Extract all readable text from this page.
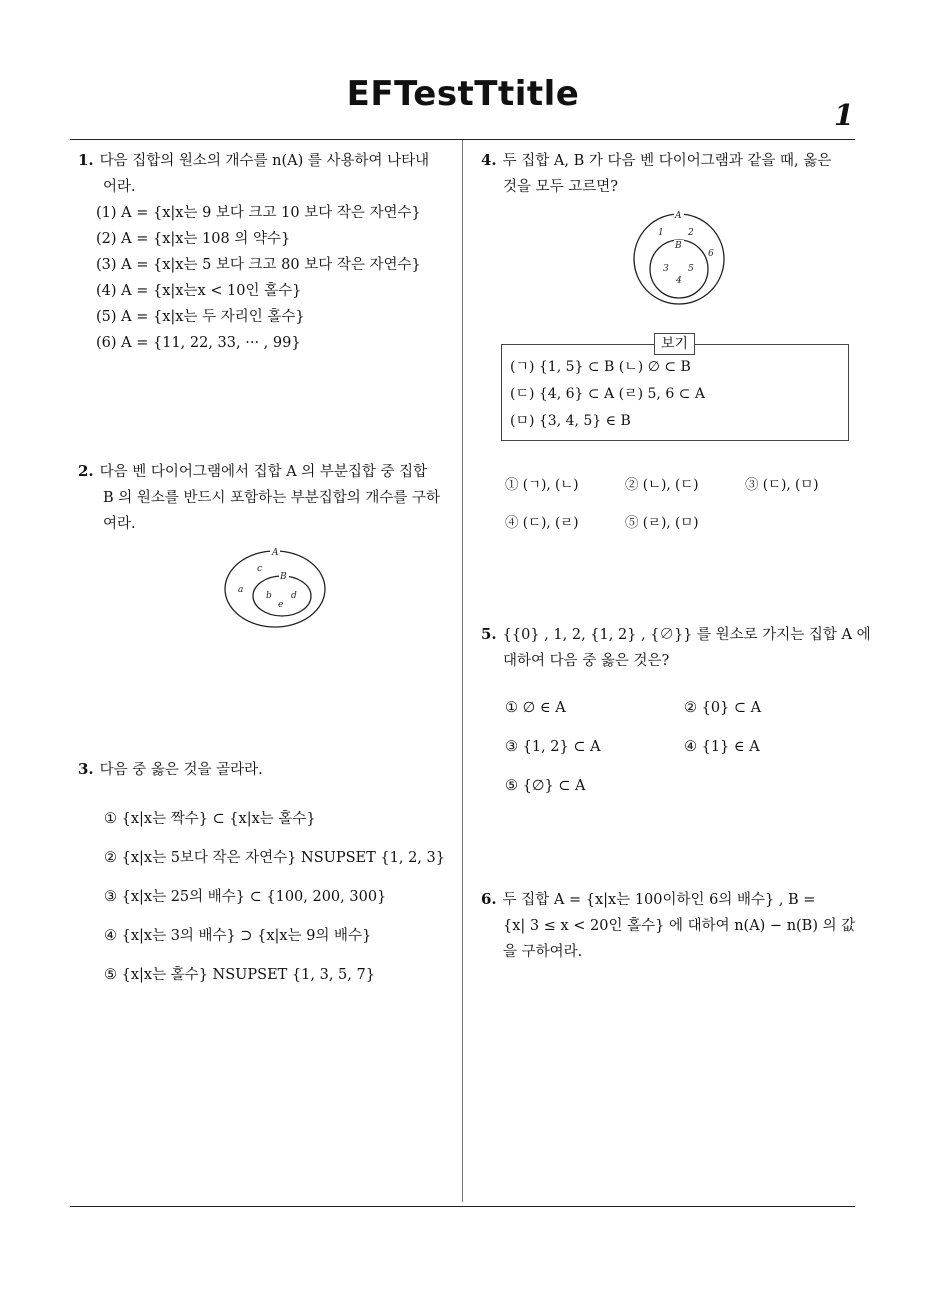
EFTestTtitle
1
1. 다음 집합의 원소의 개수를 n(A) 를 사용하여 나타내
어라.
(1) A = {x|x는 9 보다 크고 10 보다 작은 자연수}
(2) A = {x|x는 108 의 약수}
(3) A = {x|x는 5 보다 크고 80 보다 작은 자연수}
(4) A = {x|x는x < 10인 홀수}
(5) A = {x|x는 두 자리인 홀수}
(6) A = {11, 22, 33, ··· , 99}
2. 다음 벤 다이어그램에서 집합 A 의 부분집합 중 집합
B 의 원소를 반드시 포함하는 부분집합의 개수를 구하
여라.
A
B
a
c
b d
e
3. 다음 중 옳은 것을 골라라.
① {x|x는 짝수} ⊂ {x|x는 홀수}
② {x|x는 5보다 작은 자연수} NSUPSET {1, 2, 3}
③ {x|x는 25의 배수} ⊂ {100, 200, 300}
④ {x|x는 3의 배수} ⊃ {x|x는 9의 배수}
⑤ {x|x는 홀수} NSUPSET {1, 3, 5, 7}
4. 두 집합 A, B 가 다음 벤 다이어그램과 같을 때, 옳은
것을 모두 고르면?
A
B
1	2
6
3 5
4
보기
(ㄱ) {1, 5} ⊂ B (ㄴ) ∅ ⊂ B
(ㄷ) {4, 6} ⊂ A (ㄹ) 5, 6 ⊂ A
(ㅁ) {3, 4, 5} ∈ B
① (ㄱ), (ㄴ)	② (ㄴ), (ㄷ)	③ (ㄷ), (ㅁ)
④ (ㄷ), (ㄹ)	⑤ (ㄹ), (ㅁ)
5. {{0} , 1, 2, {1, 2} , {∅}} 를 원소로 가지는 집합 A 에
대하여 다음 중 옳은 것은?
① ∅ ∈ A	② {0} ⊂ A
③ {1, 2} ⊂ A	④ {1} ∈ A
⑤ {∅} ⊂ A
6. 두 집합 A = {x|x는 100이하인 6의 배수} , B =
{x| 3 ≤ x < 20인 홀수} 에 대하여 n(A) − n(B) 의 값
을 구하여라.
